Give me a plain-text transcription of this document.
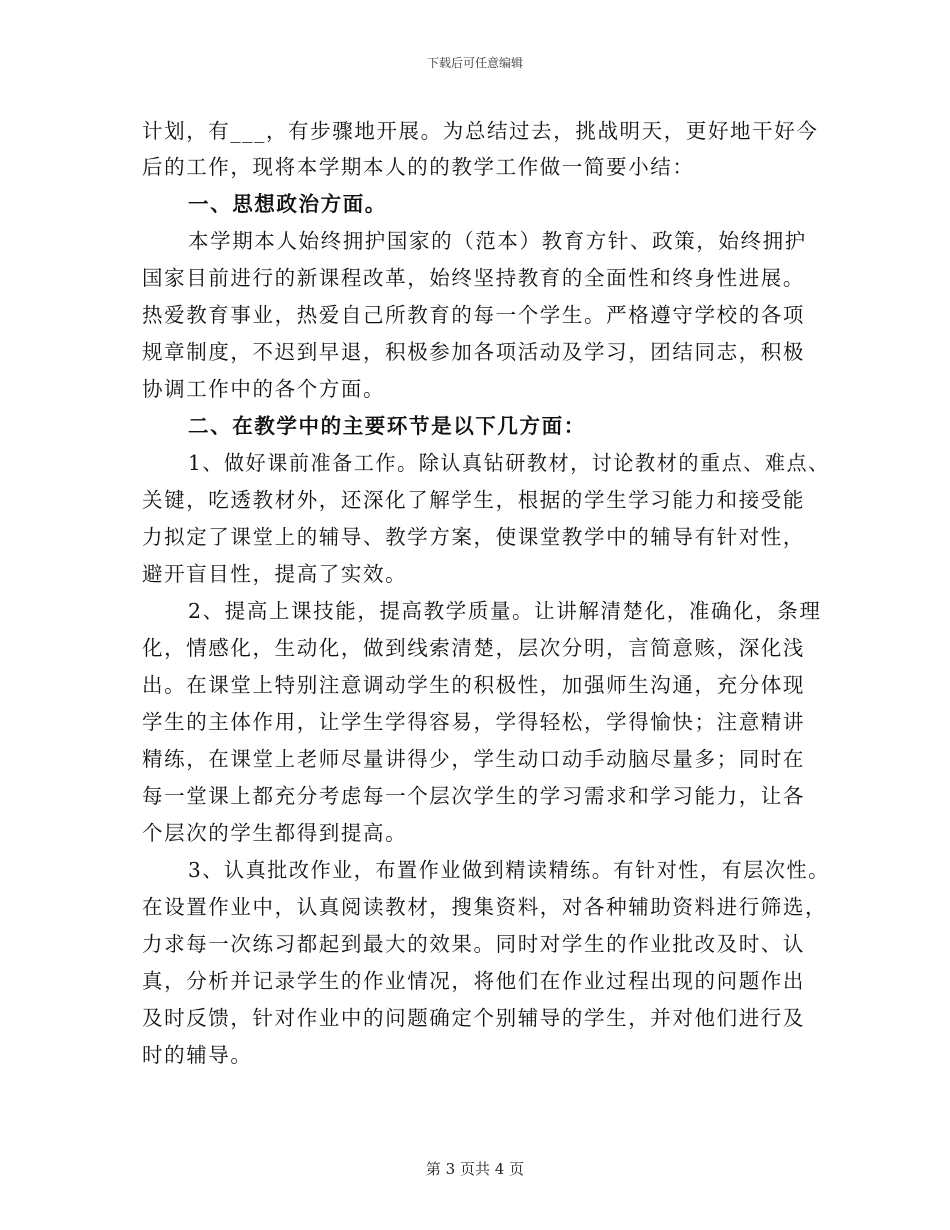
下载后可任意编辑
计划，有___，有步骤地开展。为总结过去，挑战明天，更好地干好今
后的工作，现将本学期本人的的教学工作做一简要小结：
一、思想政治方面。
本学期本人始终拥护国家的（范本）教育方针、政策，始终拥护
国家目前进行的新课程改革，始终坚持教育的全面性和终身性进展。
热爱教育事业，热爱自己所教育的每一个学生。严格遵守学校的各项
规章制度，不迟到早退，积极参加各项活动及学习，团结同志，积极
协调工作中的各个方面。
二、在教学中的主要环节是以下几方面：
1、做好课前准备工作。除认真钻研教材，讨论教材的重点、难点、
关键，吃透教材外，还深化了解学生，根据的学生学习能力和接受能
力拟定了课堂上的辅导、教学方案，使课堂教学中的辅导有针对性，
避开盲目性，提高了实效。
2、提高上课技能，提高教学质量。让讲解清楚化，准确化，条理
化，情感化，生动化，做到线索清楚，层次分明，言简意赅，深化浅
出。在课堂上特别注意调动学生的积极性，加强师生沟通，充分体现
学生的主体作用，让学生学得容易，学得轻松，学得愉快；注意精讲
精练，在课堂上老师尽量讲得少，学生动口动手动脑尽量多；同时在
每一堂课上都充分考虑每一个层次学生的学习需求和学习能力，让各
个层次的学生都得到提高。
3、认真批改作业，布置作业做到精读精练。有针对性，有层次性。
在设置作业中，认真阅读教材，搜集资料，对各种辅助资料进行筛选，
力求每一次练习都起到最大的效果。同时对学生的作业批改及时、认
真，分析并记录学生的作业情况，将他们在作业过程出现的问题作出
及时反馈，针对作业中的问题确定个别辅导的学生，并对他们进行及
时的辅导。
第 3 页共 4 页
